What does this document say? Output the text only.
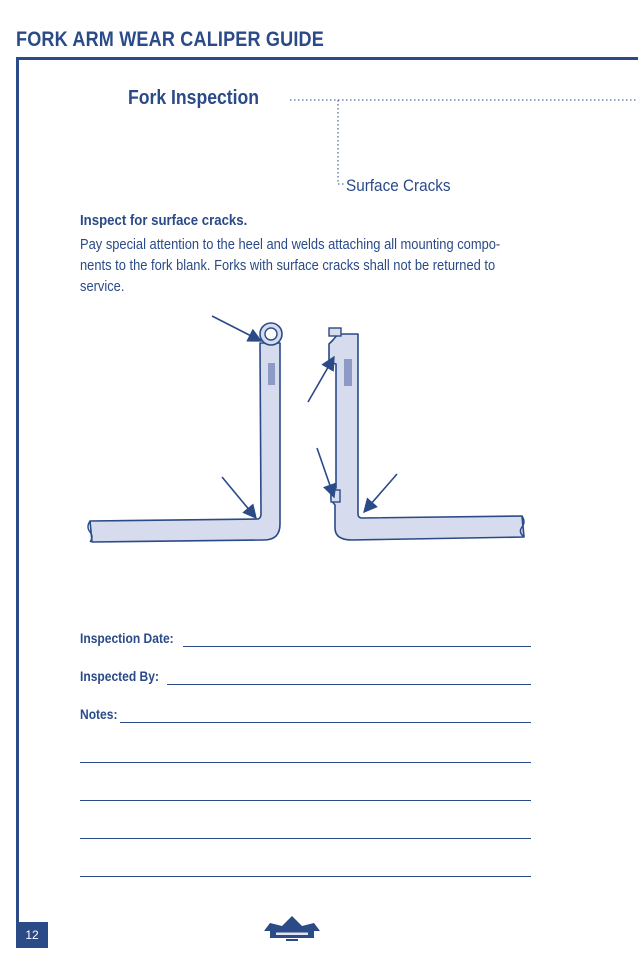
FORK ARM WEAR CALIPER GUIDE
Fork Inspection
Surface Cracks
Inspect for surface cracks.
Pay special attention to the heel and welds attaching all mounting compo-
nents to the fork blank. Forks with surface cracks shall not be returned to
service.
Inspection Date:
Inspected By:
Notes:
12
